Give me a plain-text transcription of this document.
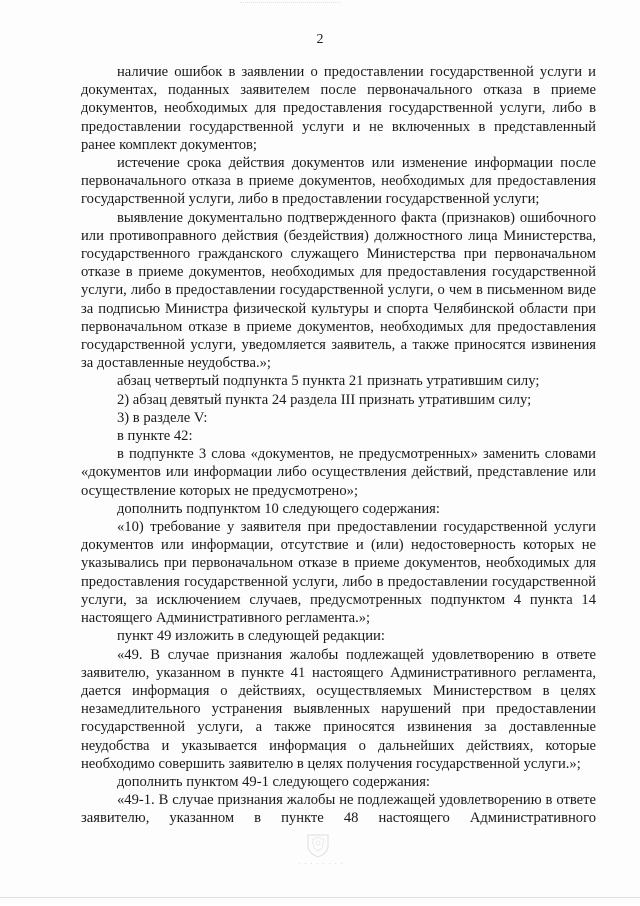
2

наличие ошибок в заявлении о предоставлении государственной услуги и документах, поданных заявителем после первоначального отказа в приеме документов, необходимых для предоставления государственной услуги, либо в предоставлении государственной услуги и не включенных в представленный ранее комплект документов;

истечение срока действия документов или изменение информации после первоначального отказа в приеме документов, необходимых для предоставления государственной услуги, либо в предоставлении государственной услуги;

выявление документально подтвержденного факта (признаков) ошибочного или противоправного действия (бездействия) должностного лица Министерства, государственного гражданского служащего Министерства при первоначальном отказе в приеме документов, необходимых для предоставления государственной услуги, либо в предоставлении государственной услуги, о чем в письменном виде за подписью Министра физической культуры и спорта Челябинской области при первоначальном отказе в приеме документов, необходимых для предоставления государственной услуги, уведомляется заявитель, а также приносятся извинения за доставленные неудобства.»;

абзац четвертый подпункта 5 пункта 21 признать утратившим силу;

2) абзац девятый пункта 24 раздела III признать утратившим силу;

3) в разделе V:

в пункте 42:

в подпункте 3 слова «документов, не предусмотренных» заменить словами «документов или информации либо осуществления действий, представление или осуществление которых не предусмотрено»;

дополнить подпунктом 10 следующего содержания:

«10) требование у заявителя при предоставлении государственной услуги документов или информации, отсутствие и (или) недостоверность которых не указывались при первоначальном отказе в приеме документов, необходимых для предоставления государственной услуги, либо в предоставлении государственной услуги, за исключением случаев, предусмотренных подпунктом 4 пункта 14 настоящего Административного регламента.»;

пункт 49 изложить в следующей редакции:

«49. В случае признания жалобы подлежащей удовлетворению в ответе заявителю, указанном в пункте 41 настоящего Административного регламента, дается информация о действиях, осуществляемых Министерством в целях незамедлительного устранения выявленных нарушений при предоставлении государственной услуги, а также приносятся извинения за доставленные неудобства и указывается информация о дальнейших действиях, которые необходимо совершить заявителю в целях получения государственной услуги.»;

дополнить пунктом 49-1 следующего содержания:

«49-1. В случае признания жалобы не подлежащей удовлетворению в ответе заявителю, указанном в пункте 48 настоящего Административного

· · · · · · · ·
